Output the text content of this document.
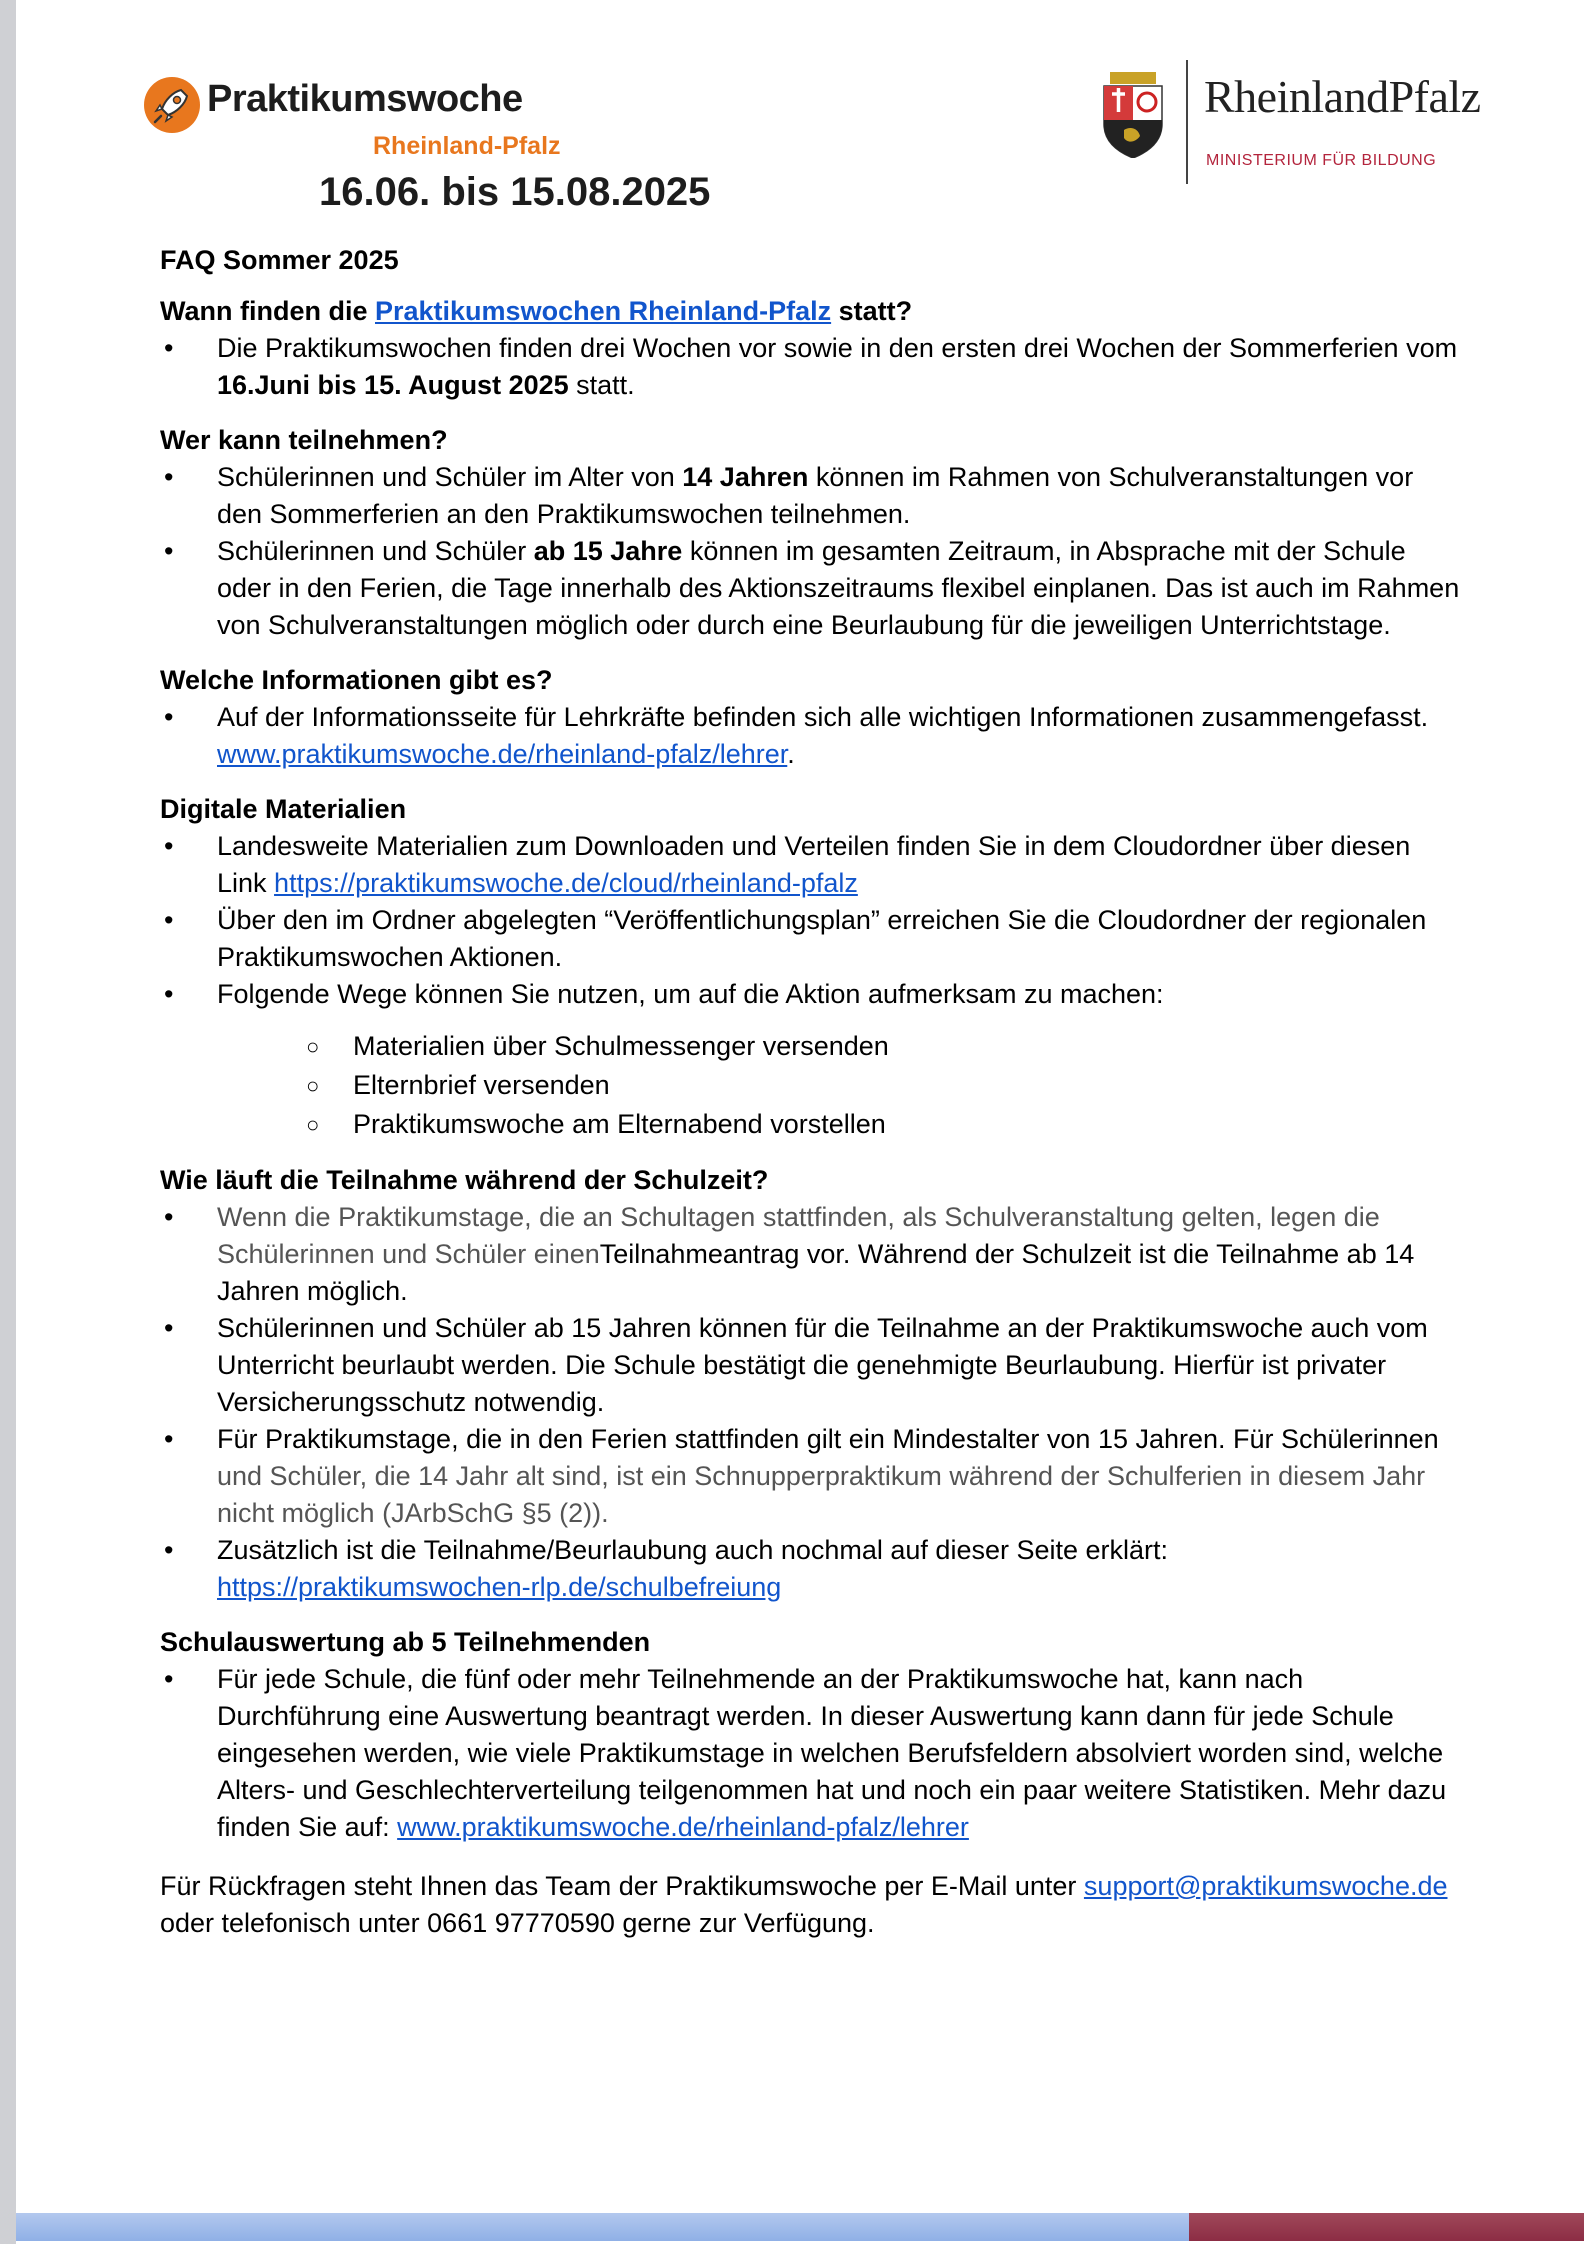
Praktikumswoche
Rheinland-Pfalz
16.06. bis 15.08.2025
RheinlandPfalz
MINISTERIUM FÜR BILDUNG
FAQ Sommer 2025
Wann finden die Praktikumswochen Rheinland-Pfalz statt?
• Die Praktikumswochen finden drei Wochen vor sowie in den ersten drei Wochen der Sommerferien vom 16.Juni bis 15. August 2025 statt.
Wer kann teilnehmen?
• Schülerinnen und Schüler im Alter von 14 Jahren können im Rahmen von Schulveranstaltungen vor den Sommerferien an den Praktikumswochen teilnehmen.
• Schülerinnen und Schüler ab 15 Jahre können im gesamten Zeitraum, in Absprache mit der Schule oder in den Ferien, die Tage innerhalb des Aktionszeitraums flexibel einplanen. Das ist auch im Rahmen von Schulveranstaltungen möglich oder durch eine Beurlaubung für die jeweiligen Unterrichtstage.
Welche Informationen gibt es?
• Auf der Informationsseite für Lehrkräfte befinden sich alle wichtigen Informationen zusammengefasst. www.praktikumswoche.de/rheinland-pfalz/lehrer.
Digitale Materialien
• Landesweite Materialien zum Downloaden und Verteilen finden Sie in dem Cloudordner über diesen Link https://praktikumswoche.de/cloud/rheinland-pfalz
• Über den im Ordner abgelegten “Veröffentlichungsplan” erreichen Sie die Cloudordner der regionalen Praktikumswochen Aktionen.
• Folgende Wege können Sie nutzen, um auf die Aktion aufmerksam zu machen:
○ Materialien über Schulmessenger versenden
○ Elternbrief versenden
○ Praktikumswoche am Elternabend vorstellen
Wie läuft die Teilnahme während der Schulzeit?
• Wenn die Praktikumstage, die an Schultagen stattfinden, als Schulveranstaltung gelten, legen die Schülerinnen und Schüler einenTeilnahmeantrag vor. Während der Schulzeit ist die Teilnahme ab 14 Jahren möglich.
• Schülerinnen und Schüler ab 15 Jahren können für die Teilnahme an der Praktikumswoche auch vom Unterricht beurlaubt werden. Die Schule bestätigt die genehmigte Beurlaubung. Hierfür ist privater Versicherungsschutz notwendig.
• Für Praktikumstage, die in den Ferien stattfinden gilt ein Mindestalter von 15 Jahren. Für Schülerinnen und Schüler, die 14 Jahr alt sind, ist ein Schnupperpraktikum während der Schulferien in diesem Jahr nicht möglich (JArbSchG §5 (2)).
• Zusätzlich ist die Teilnahme/Beurlaubung auch nochmal auf dieser Seite erklärt: https://praktikumswochen-rlp.de/schulbefreiung
Schulauswertung ab 5 Teilnehmenden
• Für jede Schule, die fünf oder mehr Teilnehmende an der Praktikumswoche hat, kann nach Durchführung eine Auswertung beantragt werden. In dieser Auswertung kann dann für jede Schule eingesehen werden, wie viele Praktikumstage in welchen Berufsfeldern absolviert worden sind, welche Alters- und Geschlechterverteilung teilgenommen hat und noch ein paar weitere Statistiken. Mehr dazu finden Sie auf: www.praktikumswoche.de/rheinland-pfalz/lehrer

Für Rückfragen steht Ihnen das Team der Praktikumswoche per E-Mail unter support@praktikumswoche.de oder telefonisch unter 0661 97770590 gerne zur Verfügung.
